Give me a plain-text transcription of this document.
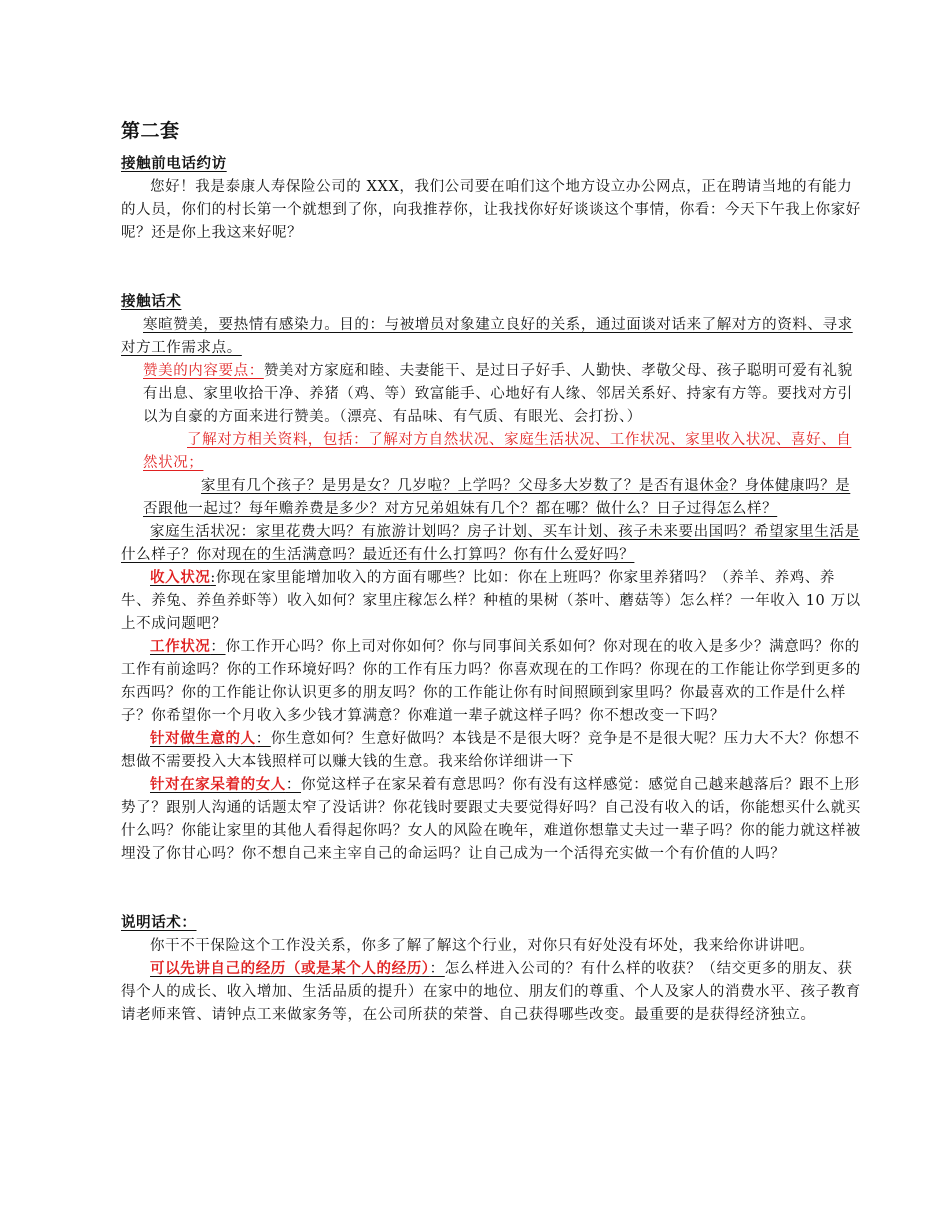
第二套
接触前电话约访

您好！我是泰康人寿保险公司的 XXX，我们公司要在咱们这个地方设立办公网点，正在聘请当地的有能力的人员，你们的村长第一个就想到了你，向我推荐你，让我找你好好谈谈这个事情，你看：今天下午我上你家好呢？还是你上我这来好呢？

接触话术

寒暄赞美，要热情有感染力。目的：与被增员对象建立良好的关系，通过面谈对话来了解对方的资料、寻求对方工作需求点。

赞美的内容要点：赞美对方家庭和睦、夫妻能干、是过日子好手、人勤快、孝敬父母、孩子聪明可爱有礼貌有出息、家里收拾干净、养猪（鸡、等）致富能手、心地好有人缘、邻居关系好、持家有方等。要找对方引以为自豪的方面来进行赞美。（漂亮、有品味、有气质、有眼光、会打扮、）

了解对方相关资料，包括：了解对方自然状况、家庭生活状况、工作状况、家里收入状况、喜好、自然状况；

家里有几个孩子？是男是女？几岁啦？上学吗？父母多大岁数了？是否有退休金？身体健康吗？是否跟他一起过？每年赡养费是多少？对方兄弟姐妹有几个？都在哪？做什么？日子过得怎么样？

家庭生活状况：家里花费大吗？有旅游计划吗？房子计划、买车计划、孩子未来要出国吗？希望家里生活是什么样子？你对现在的生活满意吗？最近还有什么打算吗？你有什么爱好吗？

收入状况:你现在家里能增加收入的方面有哪些？比如：你在上班吗？你家里养猪吗？（养羊、养鸡、养牛、养兔、养鱼养虾等）收入如何？家里庄稼怎么样？种植的果树（茶叶、蘑菇等）怎么样？一年收入 10 万以上不成问题吧？

工作状况：你工作开心吗？你上司对你如何？你与同事间关系如何？你对现在的收入是多少？满意吗？你的工作有前途吗？你的工作环境好吗？你的工作有压力吗？你喜欢现在的工作吗？你现在的工作能让你学到更多的东西吗？你的工作能让你认识更多的朋友吗？你的工作能让你有时间照顾到家里吗？你最喜欢的工作是什么样子？你希望你一个月收入多少钱才算满意？你难道一辈子就这样子吗？你不想改变一下吗？

针对做生意的人：你生意如何？生意好做吗？本钱是不是很大呀？竞争是不是很大呢？压力大不大？你想不想做不需要投入大本钱照样可以赚大钱的生意。我来给你详细讲一下

针对在家呆着的女人：你觉这样子在家呆着有意思吗？你有没有这样感觉：感觉自己越来越落后？跟不上形势了？跟别人沟通的话题太窄了没话讲？你花钱时要跟丈夫要觉得好吗？自己没有收入的话，你能想买什么就买什么吗？你能让家里的其他人看得起你吗？女人的风险在晚年，难道你想靠丈夫过一辈子吗？你的能力就这样被埋没了你甘心吗？你不想自己来主宰自己的命运吗？让自己成为一个活得充实做一个有价值的人吗？

说明话术：

你干不干保险这个工作没关系，你多了解了解这个行业，对你只有好处没有坏处，我来给你讲讲吧。

可以先讲自己的经历（或是某个人的经历）：怎么样进入公司的？有什么样的收获？（结交更多的朋友、获得个人的成长、收入增加、生活品质的提升）在家中的地位、朋友们的尊重、个人及家人的消费水平、孩子教育请老师来管、请钟点工来做家务等，在公司所获的荣誉、自己获得哪些改变。最重要的是获得经济独立。
